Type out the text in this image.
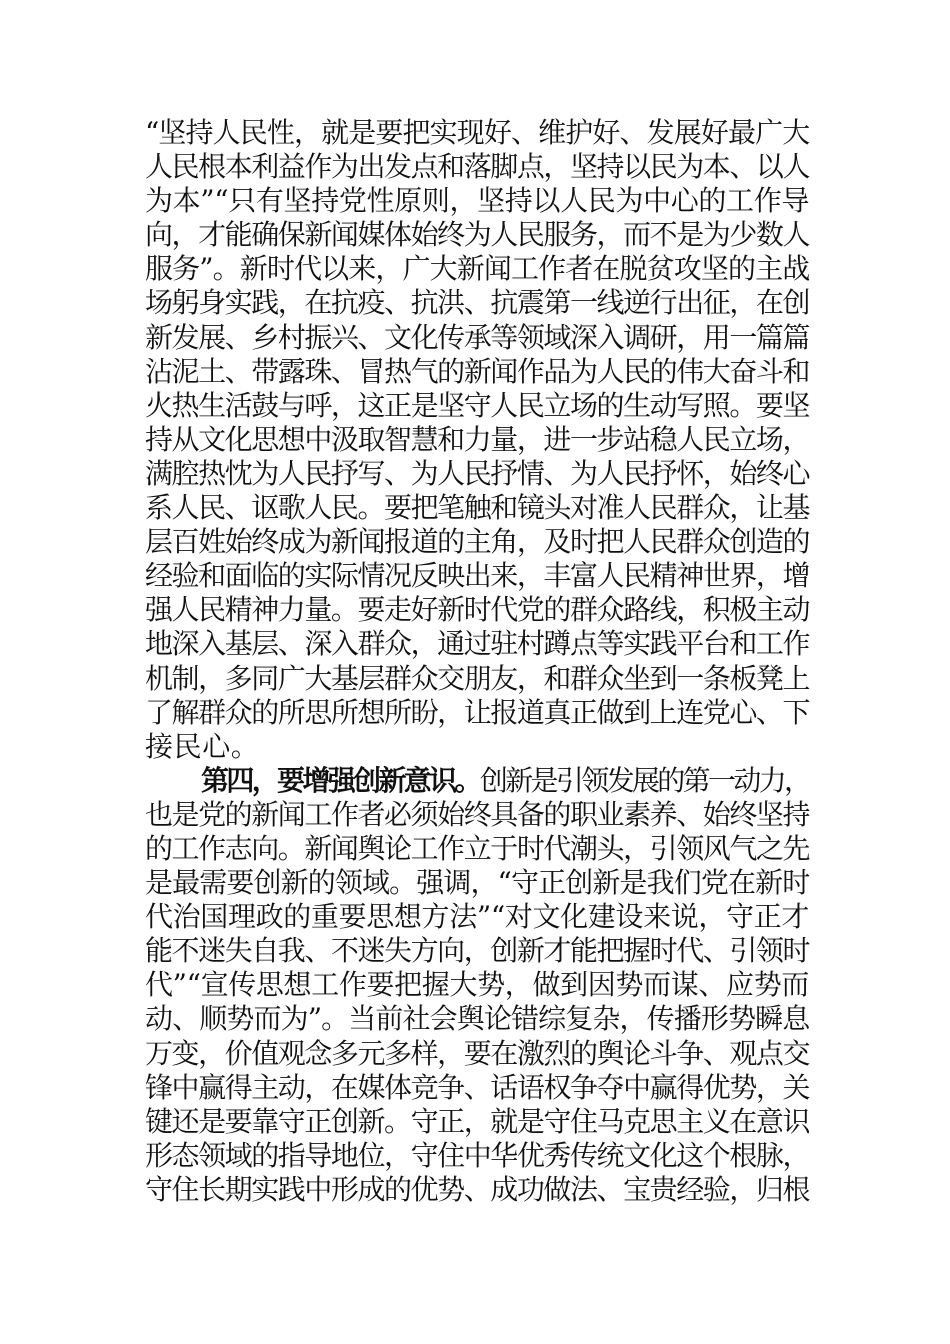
“坚持人民性，就是要把实现好、维护好、发展好最广大
人民根本利益作为出发点和落脚点，坚持以民为本、以人
为本”“只有坚持党性原则，坚持以人民为中心的工作导
向，才能确保新闻媒体始终为人民服务，而不是为少数人
服务”。新时代以来，广大新闻工作者在脱贫攻坚的主战
场躬身实践，在抗疫、抗洪、抗震第一线逆行出征，在创
新发展、乡村振兴、文化传承等领域深入调研，用一篇篇
沾泥土、带露珠、冒热气的新闻作品为人民的伟大奋斗和
火热生活鼓与呼，这正是坚守人民立场的生动写照。要坚
持从文化思想中汲取智慧和力量，进一步站稳人民立场，
满腔热忱为人民抒写、为人民抒情、为人民抒怀，始终心
系人民、讴歌人民。要把笔触和镜头对准人民群众，让基
层百姓始终成为新闻报道的主角，及时把人民群众创造的
经验和面临的实际情况反映出来，丰富人民精神世界，增
强人民精神力量。要走好新时代党的群众路线，积极主动
地深入基层、深入群众，通过驻村蹲点等实践平台和工作
机制，多同广大基层群众交朋友，和群众坐到一条板凳上
了解群众的所思所想所盼，让报道真正做到上连党心、下
接民心。
第四，要增强创新意识。创新是引领发展的第一动力，
也是党的新闻工作者必须始终具备的职业素养、始终坚持
的工作志向。新闻舆论工作立于时代潮头，引领风气之先
是最需要创新的领域。强调，“守正创新是我们党在新时
代治国理政的重要思想方法”“对文化建设来说，守正才
能不迷失自我、不迷失方向，创新才能把握时代、引领时
代”“宣传思想工作要把握大势，做到因势而谋、应势而
动、顺势而为”。当前社会舆论错综复杂，传播形势瞬息
万变，价值观念多元多样，要在激烈的舆论斗争、观点交
锋中赢得主动，在媒体竞争、话语权争夺中赢得优势，关
键还是要靠守正创新。守正，就是守住马克思主义在意识
形态领域的指导地位，守住中华优秀传统文化这个根脉，
守住长期实践中形成的优势、成功做法、宝贵经验，归根
